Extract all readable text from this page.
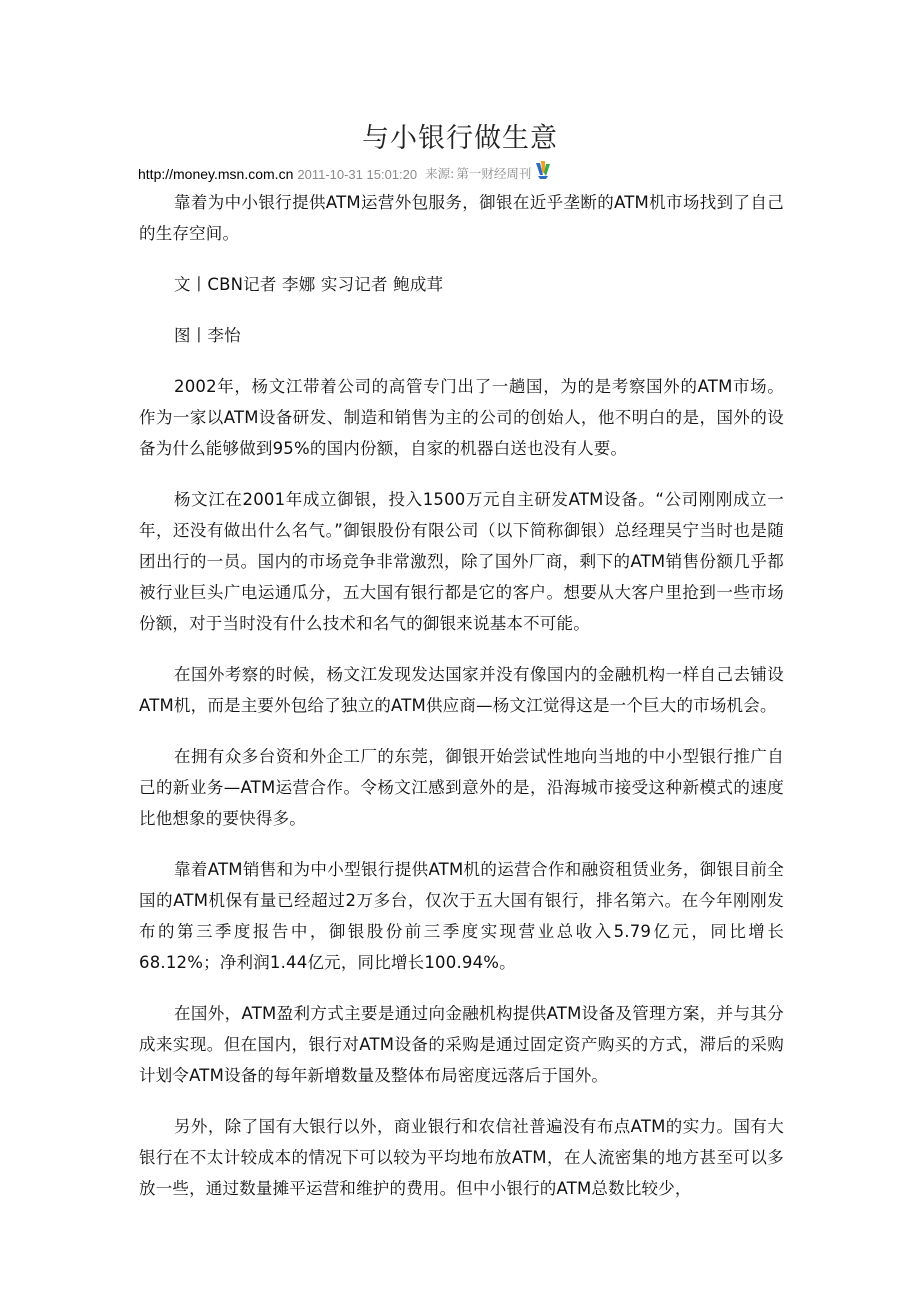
与小银行做生意
http://money.msn.com.cn 2011-10-31 15:01:20 来源: 第一财经周刊

靠着为中小银行提供ATM运营外包服务，御银在近乎垄断的ATM机市场找到了自己的生存空间。

文丨CBN记者 李娜 实习记者 鲍成茸

图丨李怡

2002年，杨文江带着公司的高管专门出了一趟国，为的是考察国外的ATM市场。作为一家以ATM设备研发、制造和销售为主的公司的创始人，他不明白的是，国外的设备为什么能够做到95%的国内份额，自家的机器白送也没有人要。

杨文江在2001年成立御银，投入1500万元自主研发ATM设备。“公司刚刚成立一年，还没有做出什么名气。”御银股份有限公司（以下简称御银）总经理吴宁当时也是随团出行的一员。国内的市场竞争非常激烈，除了国外厂商，剩下的ATM销售份额几乎都被行业巨头广电运通瓜分，五大国有银行都是它的客户。想要从大客户里抢到一些市场份额，对于当时没有什么技术和名气的御银来说基本不可能。

在国外考察的时候，杨文江发现发达国家并没有像国内的金融机构一样自己去铺设ATM机，而是主要外包给了独立的ATM供应商—杨文江觉得这是一个巨大的市场机会。

在拥有众多台资和外企工厂的东莞，御银开始尝试性地向当地的中小型银行推广自己的新业务—ATM运营合作。令杨文江感到意外的是，沿海城市接受这种新模式的速度比他想象的要快得多。

靠着ATM销售和为中小型银行提供ATM机的运营合作和融资租赁业务，御银目前全国的ATM机保有量已经超过2万多台，仅次于五大国有银行，排名第六。在今年刚刚发布的第三季度报告中，御银股份前三季度实现营业总收入5.79亿元，同比增长 68.12%；净利润1.44亿元，同比增长100.94%。

在国外，ATM盈利方式主要是通过向金融机构提供ATM设备及管理方案，并与其分成来实现。但在国内，银行对ATM设备的采购是通过固定资产购买的方式，滞后的采购计划令ATM设备的每年新增数量及整体布局密度远落后于国外。

另外，除了国有大银行以外，商业银行和农信社普遍没有布点ATM的实力。国有大银行在不太计较成本的情况下可以较为平均地布放ATM，在人流密集的地方甚至可以多放一些，通过数量摊平运营和维护的费用。但中小银行的ATM总数比较少，
